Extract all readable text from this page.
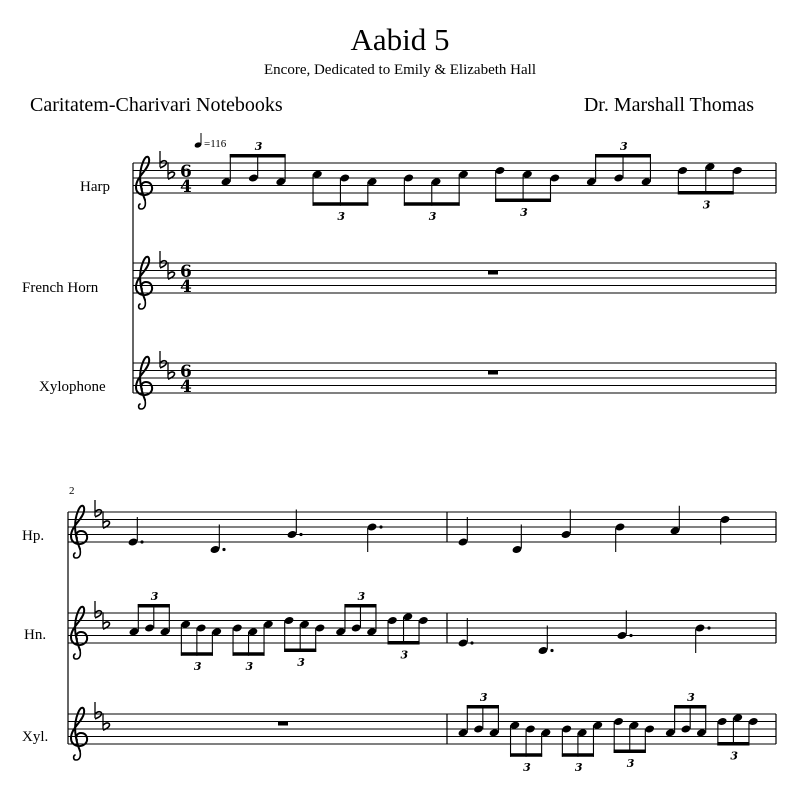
Aabid 5
Encore, Dedicated to Emily & Elizabeth Hall
Caritatem-Charivari Notebooks	Dr. Marshall Thomas
Harp
French Horn
Xylophone
Hp.
Hn.
Xyl.
6
4
6
4
6
4
3
3	3	3
3
3
3
3	3	3
3
3
3
3	3	3
3
3
=116
2
